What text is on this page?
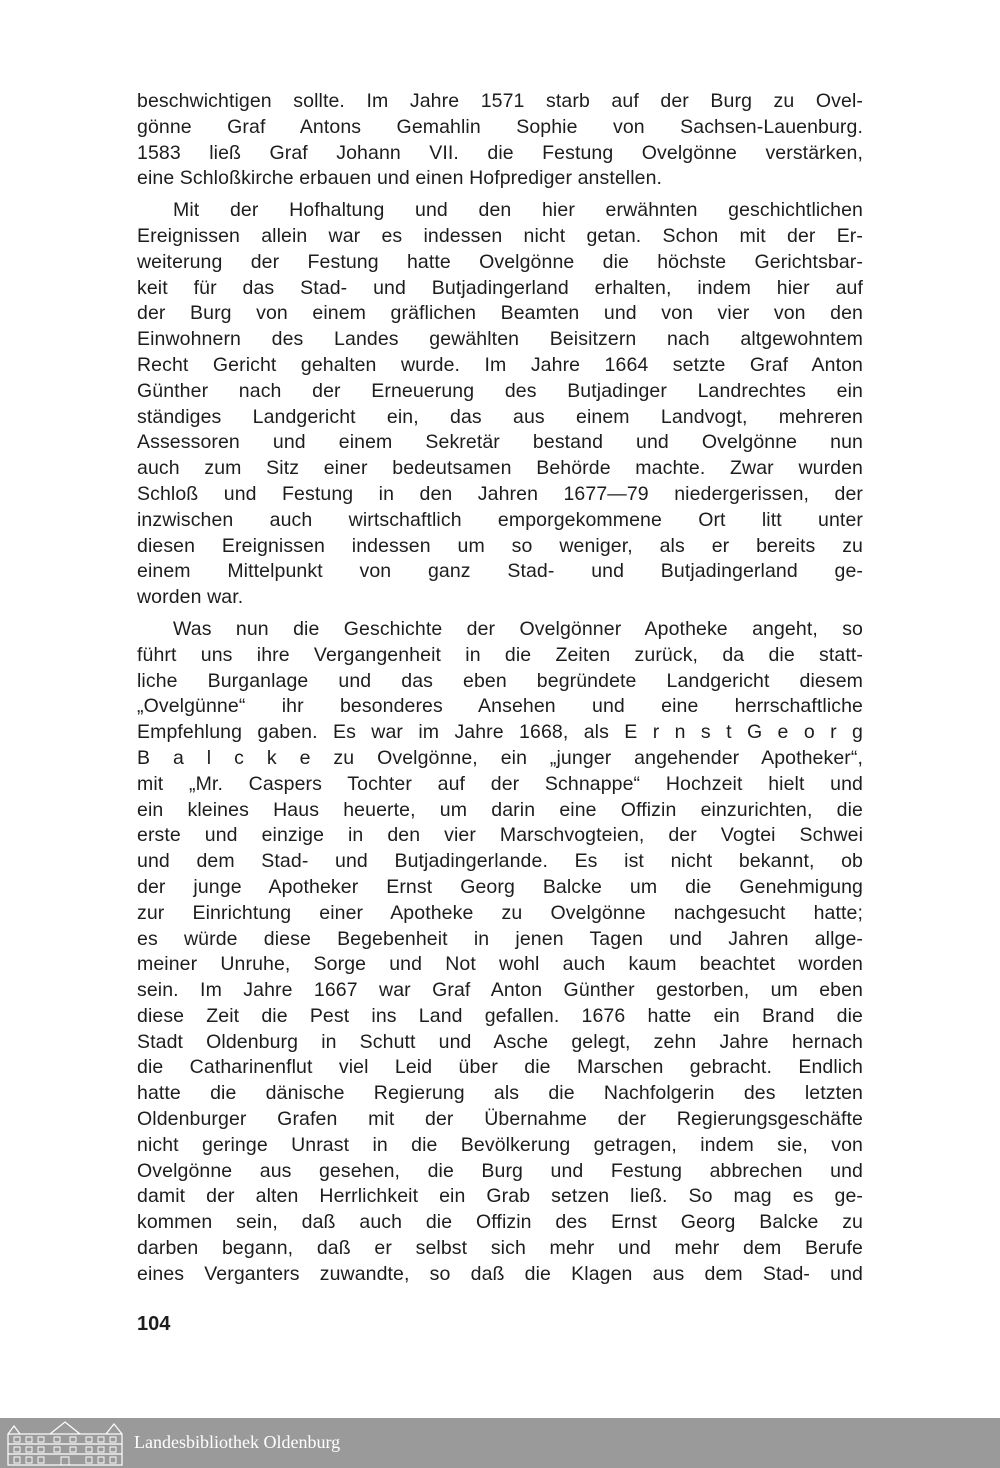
beschwichtigen sollte. Im Jahre 1571 starb auf der Burg zu Ovel-
gönne Graf Antons Gemahlin Sophie von Sachsen-Lauenburg.
1583 ließ Graf Johann VII. die Festung Ovelgönne verstärken,
eine Schloßkirche erbauen und einen Hofprediger anstellen.
Mit der Hofhaltung und den hier erwähnten geschichtlichen
Ereignissen allein war es indessen nicht getan. Schon mit der Er-
weiterung der Festung hatte Ovelgönne die höchste Gerichtsbar-
keit für das Stad- und Butjadingerland erhalten, indem hier auf
der Burg von einem gräflichen Beamten und von vier von den
Einwohnern des Landes gewählten Beisitzern nach altgewohntem
Recht Gericht gehalten wurde. Im Jahre 1664 setzte Graf Anton
Günther nach der Erneuerung des Butjadinger Landrechtes ein
ständiges Landgericht ein, das aus einem Landvogt, mehreren
Assessoren und einem Sekretär bestand und Ovelgönne nun
auch zum Sitz einer bedeutsamen Behörde machte. Zwar wurden
Schloß und Festung in den Jahren 1677—79 niedergerissen, der
inzwischen auch wirtschaftlich emporgekommene Ort litt unter
diesen Ereignissen indessen um so weniger, als er bereits zu
einem Mittelpunkt von ganz Stad- und Butjadingerland ge-
worden war.
Was nun die Geschichte der Ovelgönner Apotheke angeht, so
führt uns ihre Vergangenheit in die Zeiten zurück, da die statt-
liche Burganlage und das eben begründete Landgericht diesem
„Ovelgünne“ ihr besonderes Ansehen und eine herrschaftliche
Empfehlung gaben. Es war im Jahre 1668, als E r n s t G e o r g
B a l c k e zu Ovelgönne, ein „junger angehender Apotheker“,
mit „Mr. Caspers Tochter auf der Schnappe“ Hochzeit hielt und
ein kleines Haus heuerte, um darin eine Offizin einzurichten, die
erste und einzige in den vier Marschvogteien, der Vogtei Schwei
und dem Stad- und Butjadingerlande. Es ist nicht bekannt, ob
der junge Apotheker Ernst Georg Balcke um die Genehmigung
zur Einrichtung einer Apotheke zu Ovelgönne nachgesucht hatte;
es würde diese Begebenheit in jenen Tagen und Jahren allge-
meiner Unruhe, Sorge und Not wohl auch kaum beachtet worden
sein. Im Jahre 1667 war Graf Anton Günther gestorben, um eben
diese Zeit die Pest ins Land gefallen. 1676 hatte ein Brand die
Stadt Oldenburg in Schutt und Asche gelegt, zehn Jahre hernach
die Catharinenflut viel Leid über die Marschen gebracht. Endlich
hatte die dänische Regierung als die Nachfolgerin des letzten
Oldenburger Grafen mit der Übernahme der Regierungsgeschäfte
nicht geringe Unrast in die Bevölkerung getragen, indem sie, von
Ovelgönne aus gesehen, die Burg und Festung abbrechen und
damit der alten Herrlichkeit ein Grab setzen ließ. So mag es ge-
kommen sein, daß auch die Offizin des Ernst Georg Balcke zu
darben begann, daß er selbst sich mehr und mehr dem Berufe
eines Verganters zuwandte, so daß die Klagen aus dem Stad- und
104
Landesbibliothek Oldenburg
